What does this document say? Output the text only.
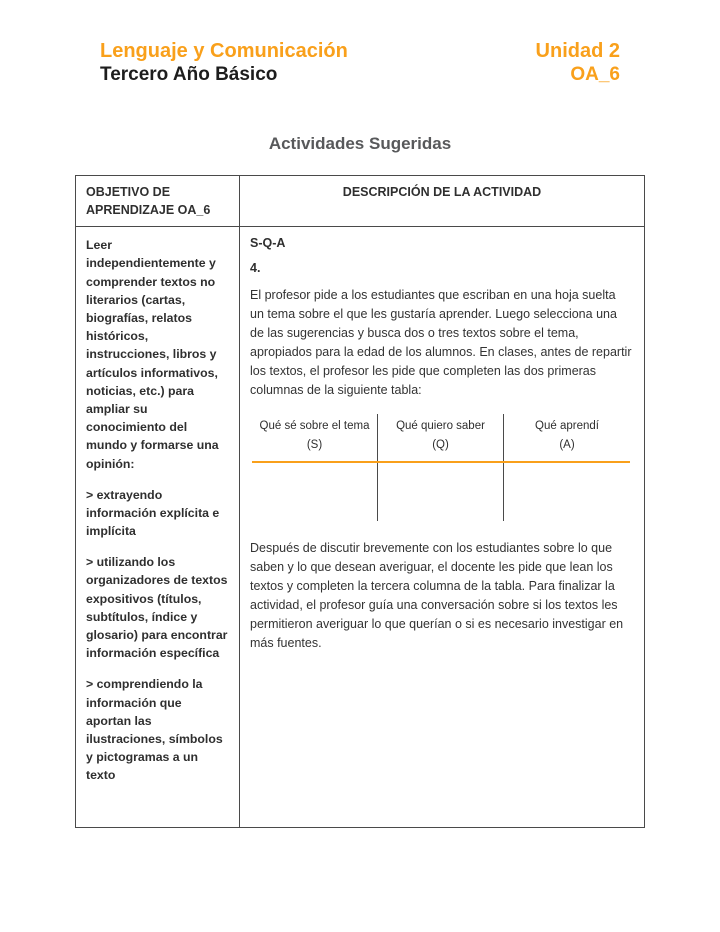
Lenguaje y Comunicación	Unidad 2
Tercero Año Básico	OA_6
Actividades Sugeridas
OBJETIVO DE APRENDIZAJE OA_6
DESCRIPCIÓN DE LA ACTIVIDAD

Leer independientemente y comprender textos no literarios (cartas, biografías, relatos históricos, instrucciones, libros y artículos informativos, noticias, etc.) para ampliar su conocimiento del mundo y formarse una opinión:

> extrayendo información explícita e implícita

> utilizando los organizadores de textos expositivos (títulos, subtítulos, índice y glosario) para encontrar información específica

> comprendiendo la información que aportan las ilustraciones, símbolos y pictogramas a un texto

S-Q-A

4.

El profesor pide a los estudiantes que escriban en una hoja suelta un tema sobre el que les gustaría aprender. Luego selecciona una de las sugerencias y busca dos o tres textos sobre el tema, apropiados para la edad de los alumnos. En clases, antes de repartir los textos, el profesor les pide que completen las dos primeras columnas de la siguiente tabla:

Qué sé sobre el tema
(S)
Qué quiero saber
(Q)
Qué aprendí
(A)

Después de discutir brevemente con los estudiantes sobre lo que saben y lo que desean averiguar, el docente les pide que lean los textos y completen la tercera columna de la tabla. Para finalizar la actividad, el profesor guía una conversación sobre si los textos les permitieron averiguar lo que querían o si es necesario investigar en más fuentes.
